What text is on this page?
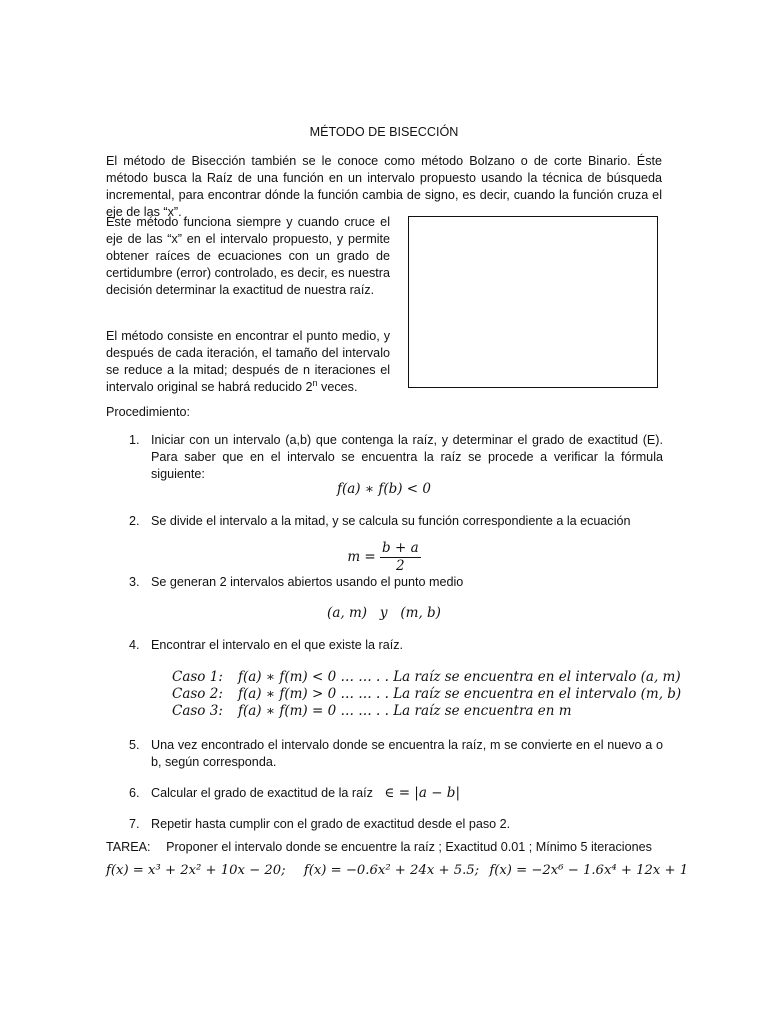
MÉTODO DE BISECCIÓN
El método de Bisección también se le conoce como método Bolzano o de corte Binario. Éste método busca la Raíz de una función en un intervalo propuesto usando la técnica de búsqueda incremental, para encontrar dónde la función cambia de signo, es decir, cuando la función cruza el eje de las “x”.
Éste método funciona siempre y cuando cruce el eje de las “x” en el intervalo propuesto, y permite obtener raíces de ecuaciones con un grado de certidumbre (error) controlado, es decir, es nuestra decisión determinar la exactitud de nuestra raíz.
El método consiste en encontrar el punto medio, y después de cada iteración, el tamaño del intervalo se reduce a la mitad; después de n iteraciones el intervalo original se habrá reducido 2$^n$ veces.
Procedimiento:
1. Iniciar con un intervalo (a,b) que contenga la raíz, y determinar el grado de exactitud (E). Para saber que en el intervalo se encuentra la raíz se procede a verificar la fórmula siguiente:
f(a) ∗ f(b) < 0
2. Se divide el intervalo a la mitad, y se calcula su función correspondiente a la ecuación
$m = \frac{b + a}{2}$
3. Se generan 2 intervalos abiertos usando el punto medio
(a, m)   y   (m, b)
4. Encontrar el intervalo en el que existe la raíz.
Caso 1: f(a) ∗ f(m) < 0 … … . . La raíz se encuentra en el intervalo (a, m)
Caso 2: f(a) ∗ f(m) > 0 … … . . La raíz se encuentra en el intervalo (m, b)
Caso 3: f(a) ∗ f(m) = 0 … … . . La raíz se encuentra en m
5. Una vez encontrado el intervalo donde se encuentra la raíz, m se convierte en el nuevo a o b, según corresponda.
6. Calcular el grado de exactitud de la raíz ∈ = |a − b|
7. Repetir hasta cumplir con el grado de exactitud desde el paso 2.
TAREA: Proponer el intervalo donde se encuentre la raíz ; Exactitud 0.01 ; Mínimo 5 iteraciones
f(x) = x³ + 2x² + 10x − 20; f(x) = −0.6x² + 24x + 5.5; f(x) = −2x⁶ − 1.6x⁴ + 12x + 1
